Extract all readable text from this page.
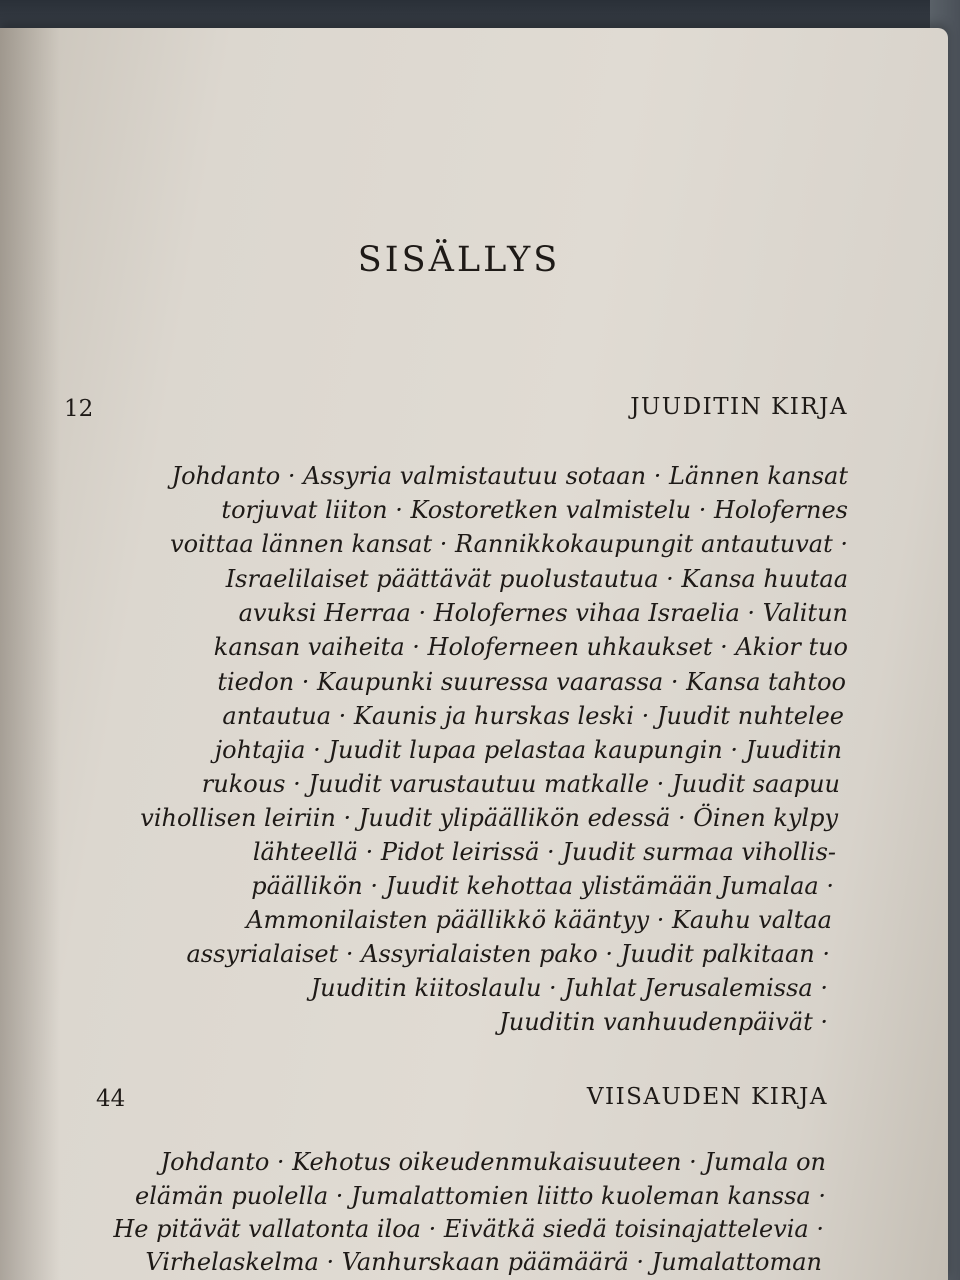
SISÄLLYS
12	JUUDITIN KIRJA
Johdanto · Assyria valmistautuu sotaan · Lännen kansat
torjuvat liiton · Kostoretken valmistelu · Holofernes
voittaa lännen kansat · Rannikkokaupungit antautuvat ·
Israelilaiset päättävät puolustautua · Kansa huutaa
avuksi Herraa · Holofernes vihaa Israelia · Valitun
kansan vaiheita · Holoferneen uhkaukset · Akior tuo
tiedon · Kaupunki suuressa vaarassa · Kansa tahtoo
antautua · Kaunis ja hurskas leski · Juudit nuhtelee
johtajia · Juudit lupaa pelastaa kaupungin · Juuditin
rukous · Juudit varustautuu matkalle · Juudit saapuu
vihollisen leiriin · Juudit ylipäällikön edessä · Öinen kylpy
lähteellä · Pidot leirissä · Juudit surmaa vihollis-
päällikön · Juudit kehottaa ylistämään Jumalaa ·
Ammonilaisten päällikkö kääntyy · Kauhu valtaa
assyrialaiset · Assyrialaisten pako · Juudit palkitaan ·
Juuditin kiitoslaulu · Juhlat Jerusalemissa ·
Juuditin vanhuudenpäivät ·
44	VIISAUDEN KIRJA
Johdanto · Kehotus oikeudenmukaisuuteen · Jumala on
elämän puolella · Jumalattomien liitto kuoleman kanssa ·
He pitävät vallatonta iloa · Eivätkä siedä toisinajattelevia ·
Virhelaskelma · Vanhurskaan päämäärä · Jumalattoman
